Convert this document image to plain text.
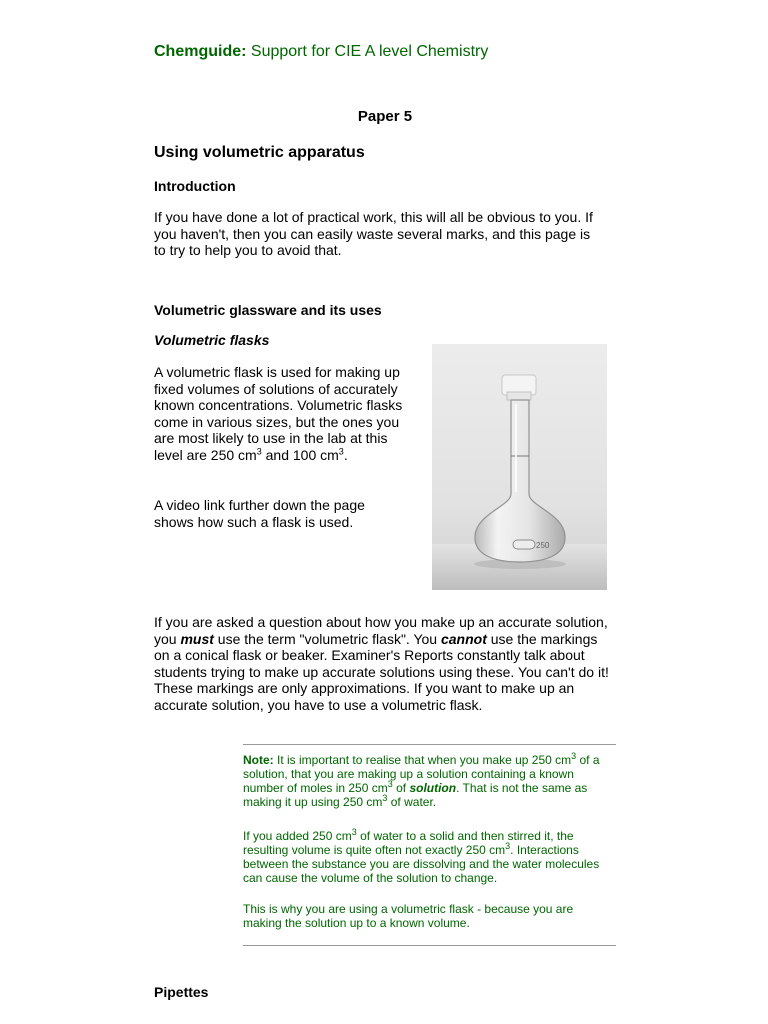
Chemguide: Support for CIE A level Chemistry
Paper 5
Using volumetric apparatus
Introduction

If you have done a lot of practical work, this will all be obvious to you. If you haven't, then you can easily waste several marks, and this page is to try to help you to avoid that.

Volumetric glassware and its uses
Volumetric flasks

A volumetric flask is used for making up fixed volumes of solutions of accurately known concentrations. Volumetric flasks come in various sizes, but the ones you are most likely to use in the lab at this level are 250 $cm^3$ and 100 $cm^3$.

A video link further down the page shows how such a flask is used.

250

If you are asked a question about how you make up an accurate solution, you must use the term "volumetric flask". You cannot use the markings on a conical flask or beaker. Examiner's Reports constantly talk about students trying to make up accurate solutions using these. You can't do it! These markings are only approximations. If you want to make up an accurate solution, you have to use a volumetric flask.

Note: It is important to realise that when you make up 250 $cm^3$ of a solution, that you are making up a solution containing a known number of moles in 250 $cm^3$ of solution. That is not the same as making it up using 250 $cm^3$ of water.

If you added 250 $cm^3$ of water to a solid and then stirred it, the resulting volume is quite often not exactly 250 $cm^3$. Interactions between the substance you are dissolving and the water molecules can cause the volume of the solution to change.

This is why you are using a volumetric flask - because you are making the solution up to a known volume.

Pipettes
